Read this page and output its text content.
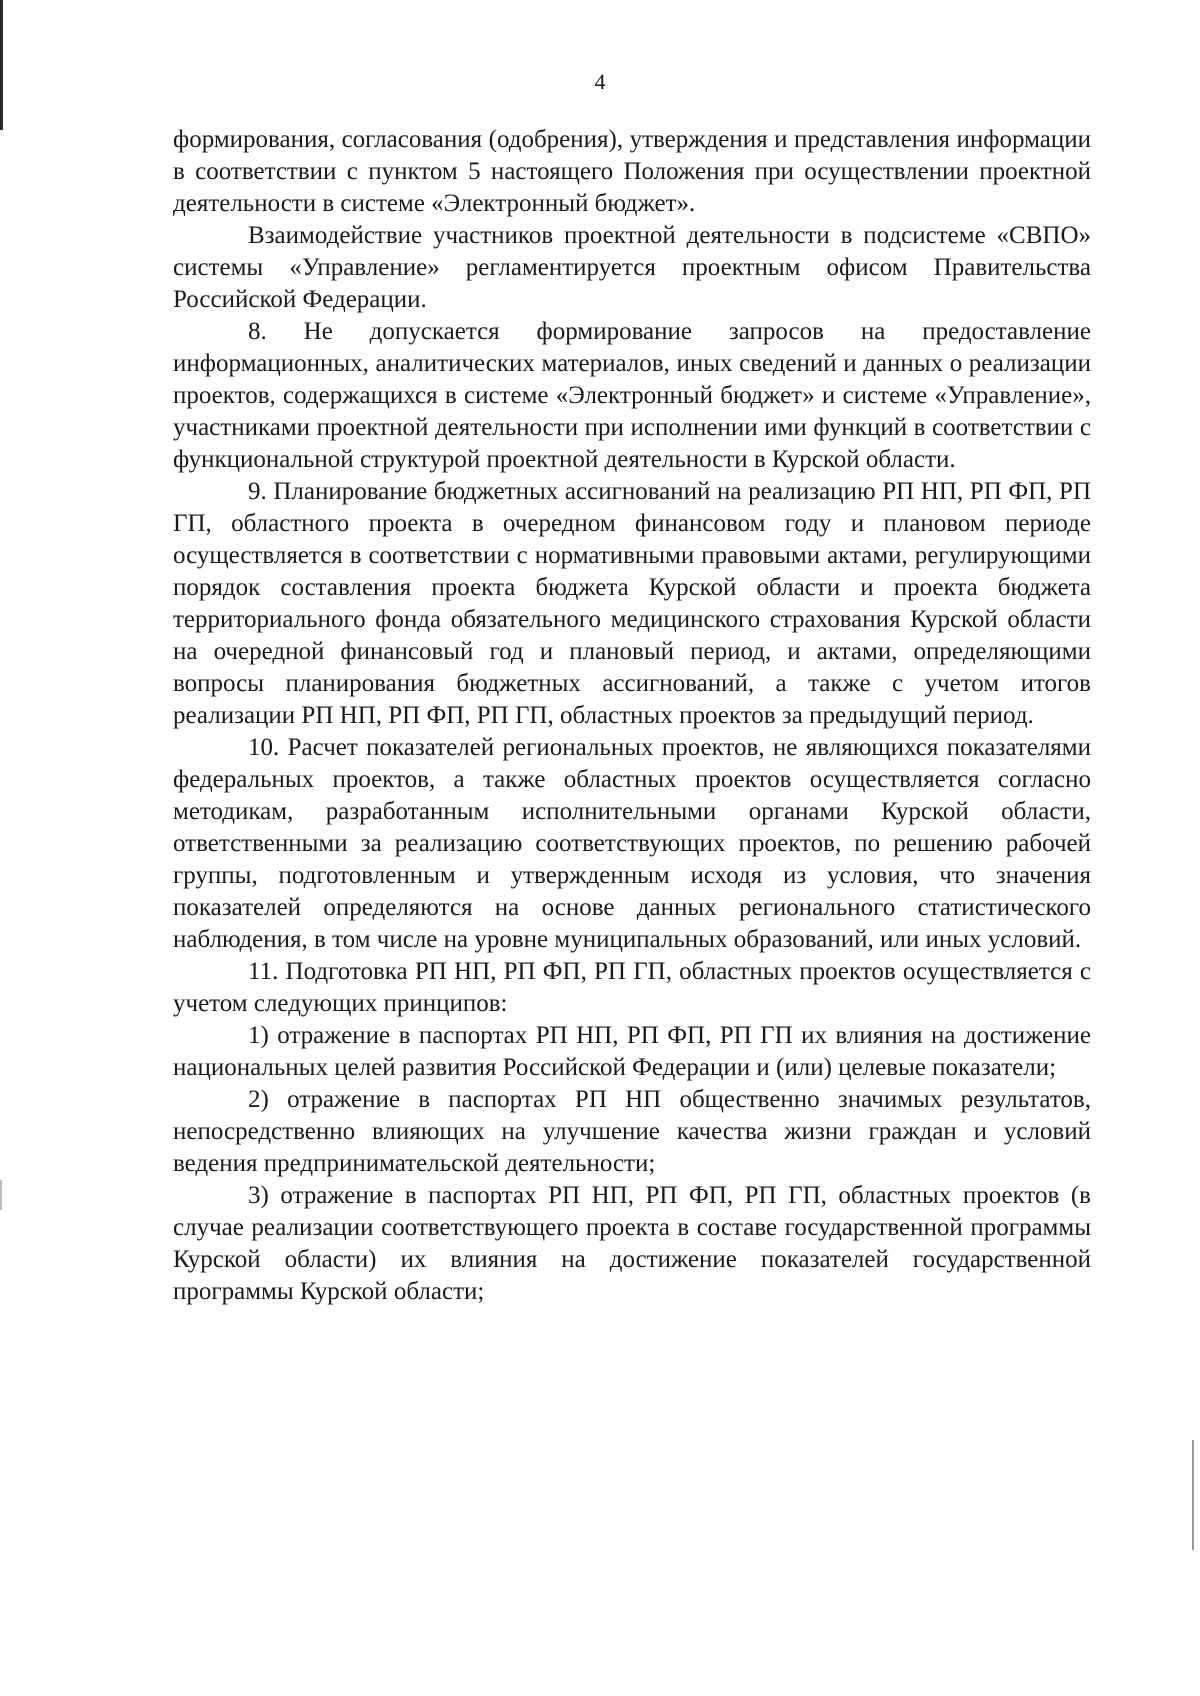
4

формирования, согласования (одобрения), утверждения и представления информации в соответствии с пунктом 5 настоящего Положения при осуществлении проектной деятельности в системе «Электронный бюджет».

Взаимодействие участников проектной деятельности в подсистеме «СВПО» системы «Управление» регламентируется проектным офисом Правительства Российской Федерации.

8. Не допускается формирование запросов на предоставление информационных, аналитических материалов, иных сведений и данных о реализации проектов, содержащихся в системе «Электронный бюджет» и системе «Управление», участниками проектной деятельности при исполнении ими функций в соответствии с функциональной структурой проектной деятельности в Курской области.

9. Планирование бюджетных ассигнований на реализацию РП НП, РП ФП, РП ГП, областного проекта в очередном финансовом году и плановом периоде осуществляется в соответствии с нормативными правовыми актами, регулирующими порядок составления проекта бюджета Курской области и проекта бюджета территориального фонда обязательного медицинского страхования Курской области на очередной финансовый год и плановый период, и актами, определяющими вопросы планирования бюджетных ассигнований, а также с учетом итогов реализации РП НП, РП ФП, РП ГП, областных проектов за предыдущий период.

10. Расчет показателей региональных проектов, не являющихся показателями федеральных проектов, а также областных проектов осуществляется согласно методикам, разработанным исполнительными органами Курской области, ответственными за реализацию соответствующих проектов, по решению рабочей группы, подготовленным и утвержденным исходя из условия, что значения показателей определяются на основе данных регионального статистического наблюдения, в том числе на уровне муниципальных образований, или иных условий.

11. Подготовка РП НП, РП ФП, РП ГП, областных проектов осуществляется с учетом следующих принципов:

1) отражение в паспортах РП НП, РП ФП, РП ГП их влияния на достижение национальных целей развития Российской Федерации и (или) целевые показатели;

2) отражение в паспортах РП НП общественно значимых результатов, непосредственно влияющих на улучшение качества жизни граждан и условий ведения предпринимательской деятельности;

3) отражение в паспортах РП НП, РП ФП, РП ГП, областных проектов (в случае реализации соответствующего проекта в составе государственной программы Курской области) их влияния на достижение показателей государственной программы Курской области;
